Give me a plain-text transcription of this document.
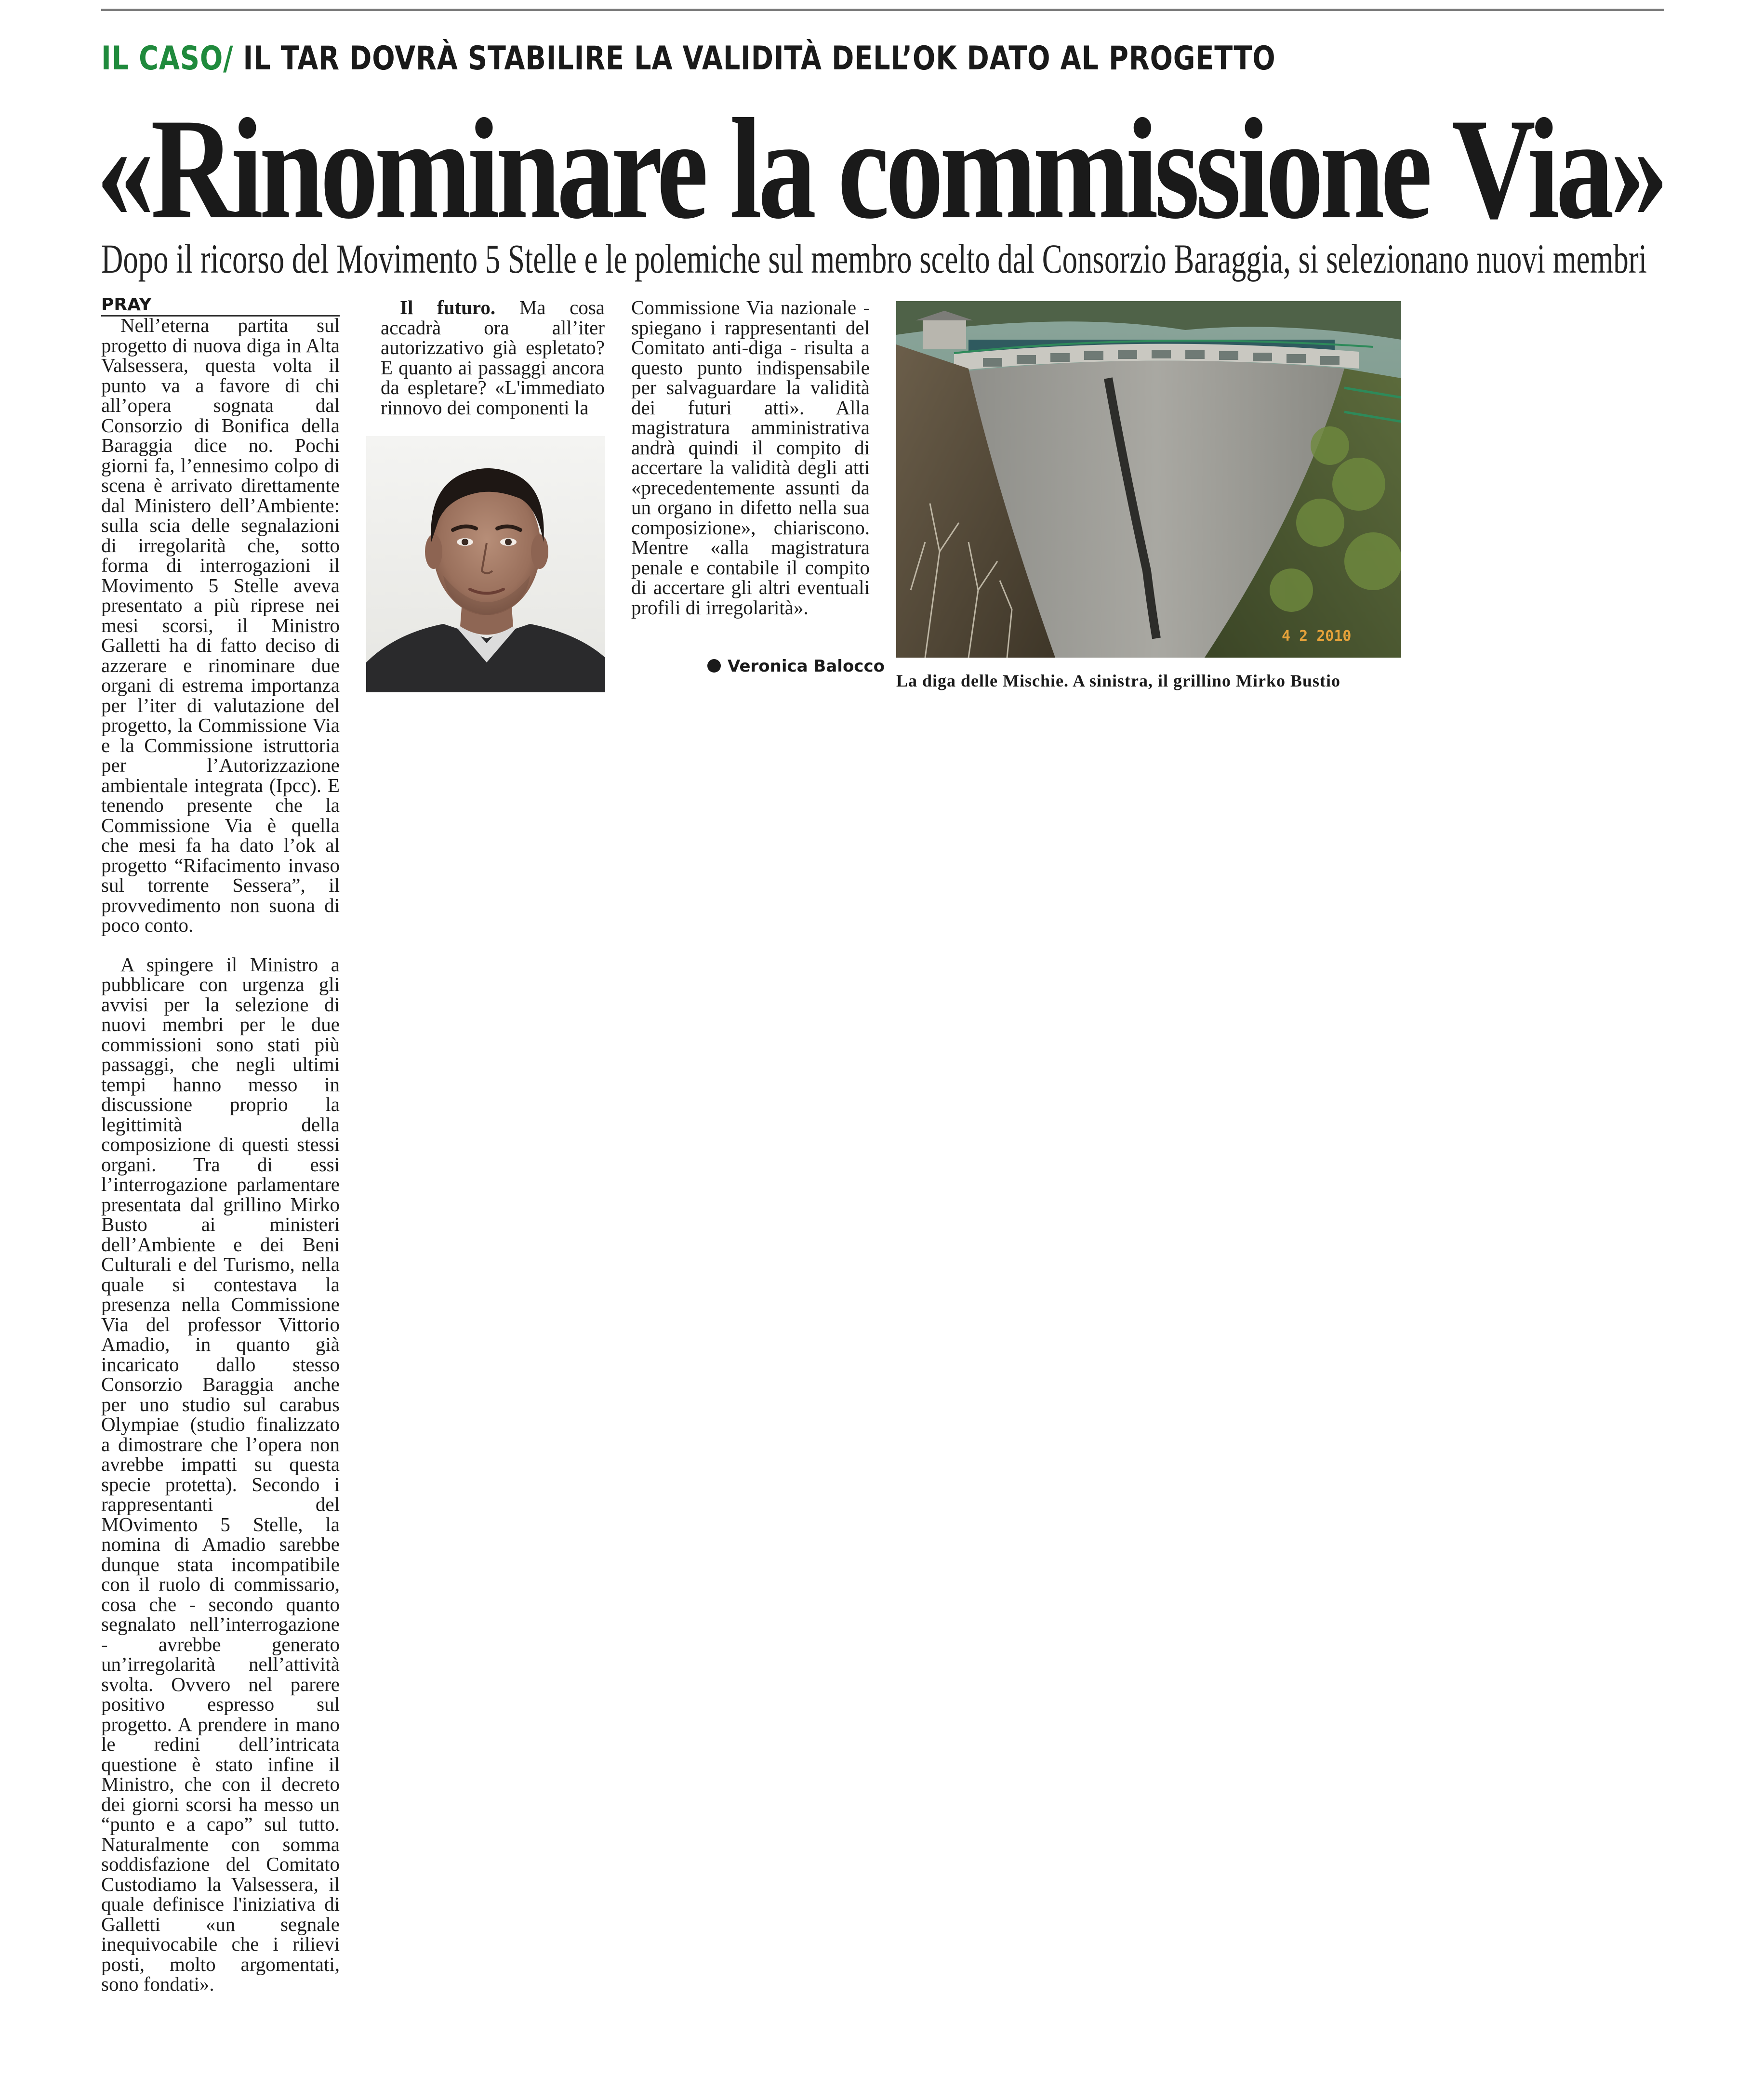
IL CASO/ IL TAR DOVRÀ STABILIRE LA VALIDITÀ DELL’OK DATO AL PROGETTO
«Rinominare la commissione Via»
Dopo il ricorso del Movimento 5 Stelle e le polemiche sul membro scelto dal Consorzio Baraggia, si selezionano nuovi membri
PRAY

Nell’eterna partita sul progetto di nuova diga in Alta Valsessera, questa volta il punto va a favore di chi all’opera sognata dal Consorzio di Bonifica della Baraggia dice no. Pochi giorni fa, l’ennesimo colpo di scena è arrivato direttamente dal Ministero dell’Ambiente: sulla scia delle segnalazioni di irregolarità che, sotto forma di interrogazioni il Movimento 5 Stelle aveva presentato a più riprese nei mesi scorsi, il Ministro Galletti ha di fatto deciso di azzerare e rinominare due organi di estrema importanza per l’iter di valutazione del progetto, la Commissione Via e la Commissione istruttoria per l’Autorizzazione ambientale integrata (Ipcc). E tenendo presente che la Commissione Via è quella che mesi fa ha dato l’ok al progetto “Rifacimento invaso sul torrente Sessera”, il provvedimento non suona di poco conto.

A spingere il Ministro a pubblicare con urgenza gli avvisi per la selezione di nuovi membri per le due commissioni sono stati più passaggi, che negli ultimi tempi hanno messo in discussione proprio la legittimità della composizione di questi stessi organi. Tra di essi l’interrogazione parlamentare presentata dal grillino Mirko Busto ai ministeri dell’Ambiente e dei Beni Culturali e del Turismo, nella quale si contestava la presenza nella Commissione Via del professor Vittorio Amadio, in quanto già incaricato dallo stesso Consorzio Baraggia anche per uno studio sul carabus Olympiae (studio finalizzato a dimostrare che l’opera non avrebbe impatti su questa specie protetta). Secondo i rappresentanti del MOvimento 5 Stelle, la nomina di Amadio sarebbe dunque stata incompatibile con il ruolo di commissario, cosa che - secondo quanto segnalato nell’interrogazione - avrebbe generato un’irregolarità nell’attività svolta. Ovvero nel parere positivo espresso sul progetto. A prendere in mano le redini dell’intricata questione è stato infine il Ministro, che con il decreto dei giorni scorsi ha messo un “punto e a capo” sul tutto. Naturalmente con somma soddisfazione del Comitato Custodiamo la Valsessera, il quale definisce l'iniziativa di Galletti «un segnale inequivocabile che i rilievi posti, molto argomentati, sono fondati».

Il futuro. Ma cosa accadrà ora all’iter autorizzativo già espletato? E quanto ai passaggi ancora da espletare? «L'immediato rinnovo dei componenti la

Commissione Via nazionale - spiegano i rappresentanti del Comitato anti-diga - risulta a questo punto indispensabile per salvaguardare la validità dei futuri atti». Alla magistratura amministrativa andrà quindi il compito di accertare la validità degli atti «precedentemente assunti da un organo in difetto nella sua composizione», chiariscono. Mentre «alla magistratura penale e contabile il compito di accertare gli altri eventuali profili di irregolarità».

Veronica Balocco
4 2 2010
La diga delle Mischie. A sinistra, il grillino Mirko Bustio
